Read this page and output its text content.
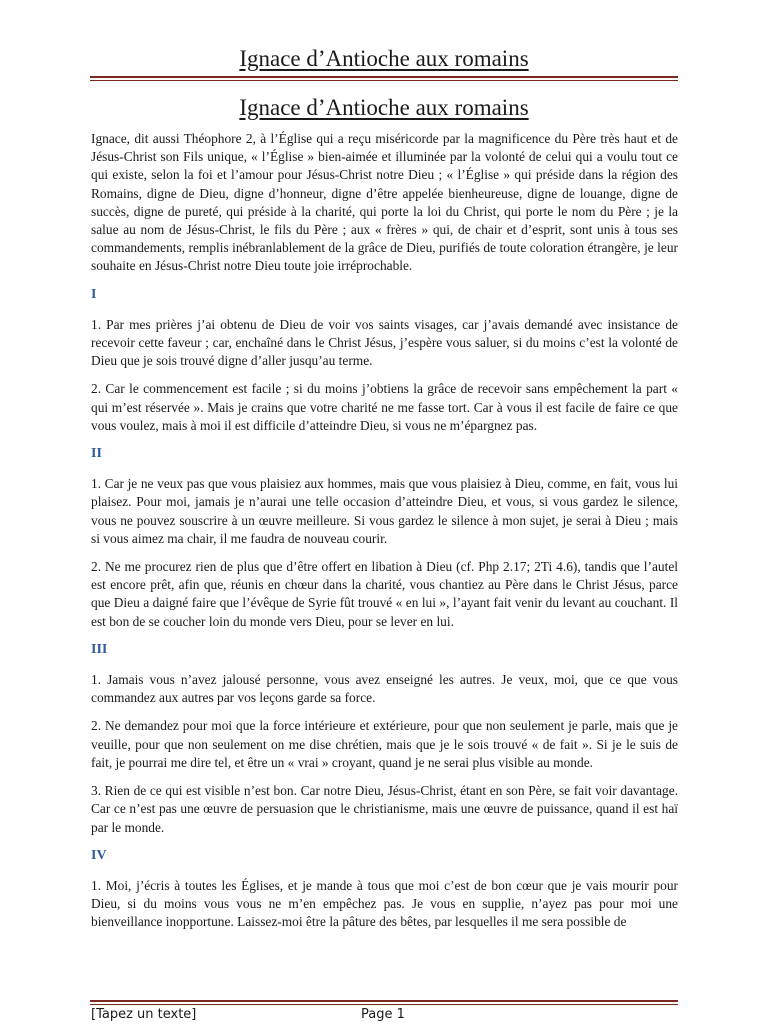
Ignace d’Antioche aux romains
Ignace d’Antioche aux romains

Ignace, dit aussi Théophore 2, à l’Église qui a reçu miséricorde par la magnificence du Père très haut et de Jésus-Christ son Fils unique, « l’Église » bien-aimée et illuminée par la volonté de celui qui a voulu tout ce qui existe, selon la foi et l’amour pour Jésus-Christ notre Dieu ; « l’Église » qui préside dans la région des Romains, digne de Dieu, digne d’honneur, digne d’être appelée bienheureuse, digne de louange, digne de succès, digne de pureté, qui préside à la charité, qui porte la loi du Christ, qui porte le nom du Père ; je la salue au nom de Jésus-Christ, le fils du Père ; aux « frères » qui, de chair et d’esprit, sont unis à tous ses commandements, remplis inébranlablement de la grâce de Dieu, purifiés de toute coloration étrangère, je leur souhaite en Jésus-Christ notre Dieu toute joie irréprochable.

I

1. Par mes prières j’ai obtenu de Dieu de voir vos saints visages, car j’avais demandé avec insistance de recevoir cette faveur ; car, enchaîné dans le Christ Jésus, j’espère vous saluer, si du moins c’est la volonté de Dieu que je sois trouvé digne d’aller jusqu’au terme.

2. Car le commencement est facile ; si du moins j’obtiens la grâce de recevoir sans empêchement la part « qui m’est réservée ». Mais je crains que votre charité ne me fasse tort. Car à vous il est facile de faire ce que vous voulez, mais à moi il est difficile d’atteindre Dieu, si vous ne m’épargnez pas.

II

1. Car je ne veux pas que vous plaisiez aux hommes, mais que vous plaisiez à Dieu, comme, en fait, vous lui plaisez. Pour moi, jamais je n’aurai une telle occasion d’atteindre Dieu, et vous, si vous gardez le silence, vous ne pouvez souscrire à un œuvre meilleure. Si vous gardez le silence à mon sujet, je serai à Dieu ; mais si vous aimez ma chair, il me faudra de nouveau courir.

2. Ne me procurez rien de plus que d’être offert en libation à Dieu (cf. Php 2.17; 2Ti 4.6), tandis que l’autel est encore prêt, afin que, réunis en chœur dans la charité, vous chantiez au Père dans le Christ Jésus, parce que Dieu a daigné faire que l’évêque de Syrie fût trouvé « en lui », l’ayant fait venir du levant au couchant. Il est bon de se coucher loin du monde vers Dieu, pour se lever en lui.

III

1. Jamais vous n’avez jalousé personne, vous avez enseigné les autres. Je veux, moi, que ce que vous commandez aux autres par vos leçons garde sa force.

2. Ne demandez pour moi que la force intérieure et extérieure, pour que non seulement je parle, mais que je veuille, pour que non seulement on me dise chrétien, mais que je le sois trouvé « de fait ». Si je le suis de fait, je pourrai me dire tel, et être un « vrai » croyant, quand je ne serai plus visible au monde.

3. Rien de ce qui est visible n’est bon. Car notre Dieu, Jésus-Christ, étant en son Père, se fait voir davantage. Car ce n’est pas une œuvre de persuasion que le christianisme, mais une œuvre de puissance, quand il est haï par le monde.

IV

1. Moi, j’écris à toutes les Églises, et je mande à tous que moi c’est de bon cœur que je vais mourir pour Dieu, si du moins vous vous ne m’en empêchez pas. Je vous en supplie, n’ayez pas pour moi une bienveillance inopportune. Laissez-moi être la pâture des bêtes, par lesquelles il me sera possible de

[Tapez un texte]	Page 1
